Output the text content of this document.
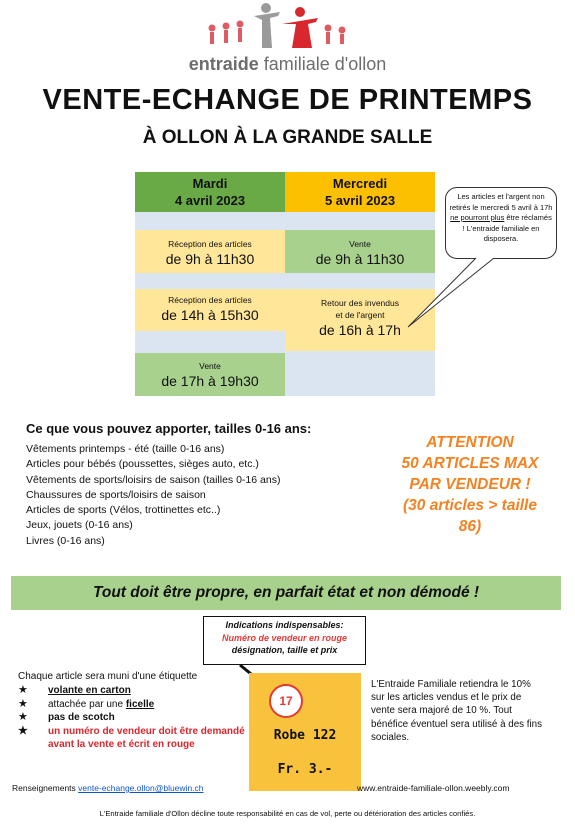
entraide familiale d'ollon
VENTE-ECHANGE DE PRINTEMPS
À OLLON À LA GRANDE SALLE
Mardi
4 avril 2023
Mercredi
5 avril 2023
Réception des articles
de 9h à 11h30
Réception des articles
de 14h à 15h30
Vente
de 17h à 19h30
Vente
de 9h à 11h30
Retour des invendus
et de l'argent
de 16h à 17h
Les articles et l'argent non retirés le mercredi 5 avril à 17h ne pourront plus être réclamés ! L'entraide familiale en disposera.
Ce que vous pouvez apporter, tailles 0-16 ans:
Vêtements printemps - été (taille 0-16 ans)
Articles pour bébés (poussettes, sièges auto, etc.)
Vêtements de sports/loisirs de saison (tailles 0-16 ans)
Chaussures de sports/loisirs de saison
Articles de sports (Vélos, trottinettes etc..)
Jeux, jouets (0-16 ans)
Livres (0-16 ans)
ATTENTION
50 ARTICLES MAX
PAR VENDEUR !
(30 articles > taille
86)
Tout doit être propre, en parfait état et non démodé !
Indications indispensables:
Numéro de vendeur en rouge
désignation, taille et prix
Chaque article sera muni d'une étiquette
★ volante en carton
★ attachée par une ficelle
★ pas de scotch
★ un numéro de vendeur doit être demandé avant la vente et écrit en rouge
17
Robe 122
Fr. 3.-
L'Entraide Familiale retiendra le 10% sur les articles vendus et le prix de vente sera majoré de 10 %. Tout bénéfice éventuel sera utilisé à des fins sociales.
Renseignements vente-echange.ollon@bluewin.ch	www.entraide-familiale-ollon.weebly.com
L'Entraide familiale d'Ollon décline toute responsabilité en cas de vol, perte ou détérioration des articles confiés.
